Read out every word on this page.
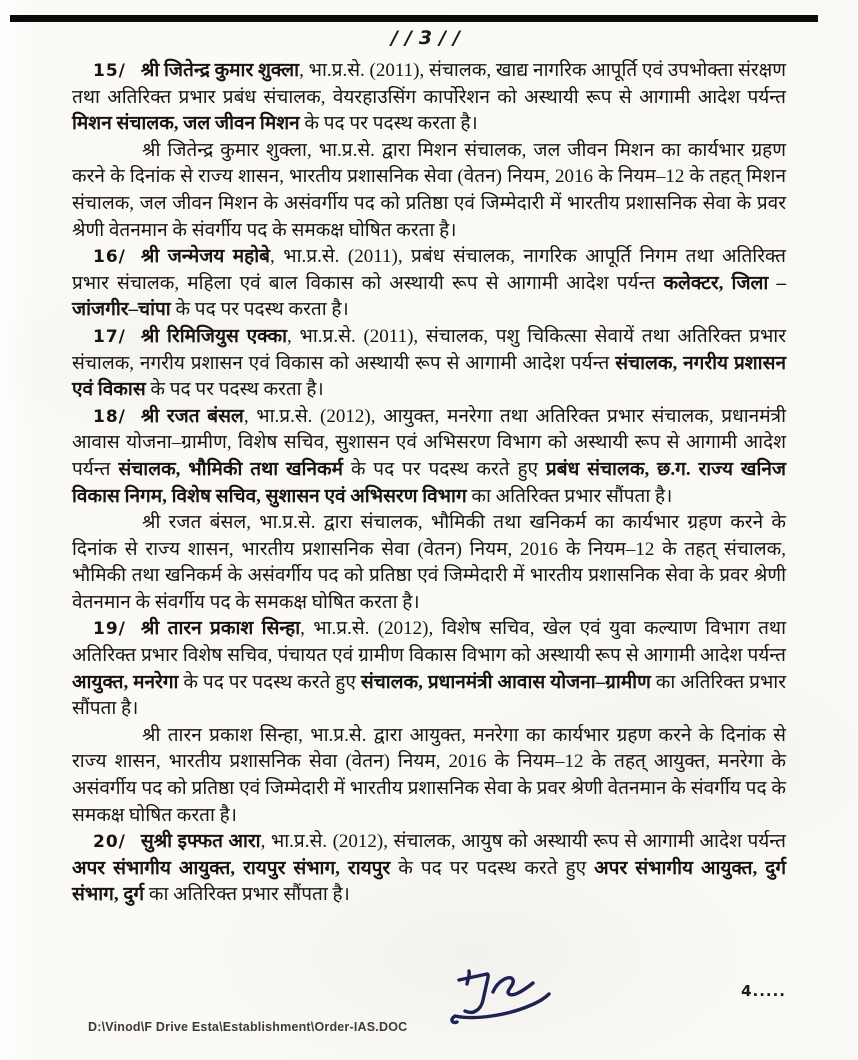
//3//

15/ श्री जितेन्द्र कुमार शुक्ला, भा.प्र.से. (2011), संचालक, खाद्य नागरिक आपूर्ति एवं उपभोक्ता संरक्षण तथा अतिरिक्त प्रभार प्रबंध संचालक, वेयरहाउसिंग कार्पोरेशन को अस्थायी रूप से आगामी आदेश पर्यन्त मिशन संचालक, जल जीवन मिशन के पद पर पदस्थ करता है।

श्री जितेन्द्र कुमार शुक्ला, भा.प्र.से. द्वारा मिशन संचालक, जल जीवन मिशन का कार्यभार ग्रहण करने के दिनांक से राज्य शासन, भारतीय प्रशासनिक सेवा (वेतन) नियम, 2016 के नियम–12 के तहत् मिशन संचालक, जल जीवन मिशन के असंवर्गीय पद को प्रतिष्ठा एवं जिम्मेदारी में भारतीय प्रशासनिक सेवा के प्रवर श्रेणी वेतनमान के संवर्गीय पद के समकक्ष घोषित करता है।

16/ श्री जन्मेजय महोबे, भा.प्र.से. (2011), प्रबंध संचालक, नागरिक आपूर्ति निगम तथा अतिरिक्त प्रभार संचालक, महिला एवं बाल विकास को अस्थायी रूप से आगामी आदेश पर्यन्त कलेक्टर, जिला – जांजगीर–चांपा के पद पर पदस्थ करता है।

17/ श्री रिमिजियुस एक्का, भा.प्र.से. (2011), संचालक, पशु चिकित्सा सेवायें तथा अतिरिक्त प्रभार संचालक, नगरीय प्रशासन एवं विकास को अस्थायी रूप से आगामी आदेश पर्यन्त संचालक, नगरीय प्रशासन एवं विकास के पद पर पदस्थ करता है।

18/ श्री रजत बंसल, भा.प्र.से. (2012), आयुक्त, मनरेगा तथा अतिरिक्त प्रभार संचालक, प्रधानमंत्री आवास योजना–ग्रामीण, विशेष सचिव, सुशासन एवं अभिसरण विभाग को अस्थायी रूप से आगामी आदेश पर्यन्त संचालक, भौमिकी तथा खनिकर्म के पद पर पदस्थ करते हुए प्रबंध संचालक, छ.ग. राज्य खनिज विकास निगम, विशेष सचिव, सुशासन एवं अभिसरण विभाग का अतिरिक्त प्रभार सौंपता है।

श्री रजत बंसल, भा.प्र.से. द्वारा संचालक, भौमिकी तथा खनिकर्म का कार्यभार ग्रहण करने के दिनांक से राज्य शासन, भारतीय प्रशासनिक सेवा (वेतन) नियम, 2016 के नियम–12 के तहत् संचालक, भौमिकी तथा खनिकर्म के असंवर्गीय पद को प्रतिष्ठा एवं जिम्मेदारी में भारतीय प्रशासनिक सेवा के प्रवर श्रेणी वेतनमान के संवर्गीय पद के समकक्ष घोषित करता है।

19/ श्री तारन प्रकाश सिन्हा, भा.प्र.से. (2012), विशेष सचिव, खेल एवं युवा कल्याण विभाग तथा अतिरिक्त प्रभार विशेष सचिव, पंचायत एवं ग्रामीण विकास विभाग को अस्थायी रूप से आगामी आदेश पर्यन्त आयुक्त, मनरेगा के पद पर पदस्थ करते हुए संचालक, प्रधानमंत्री आवास योजना–ग्रामीण का अतिरिक्त प्रभार सौंपता है।

श्री तारन प्रकाश सिन्हा, भा.प्र.से. द्वारा आयुक्त, मनरेगा का कार्यभार ग्रहण करने के दिनांक से राज्य शासन, भारतीय प्रशासनिक सेवा (वेतन) नियम, 2016 के नियम–12 के तहत् आयुक्त, मनरेगा के असंवर्गीय पद को प्रतिष्ठा एवं जिम्मेदारी में भारतीय प्रशासनिक सेवा के प्रवर श्रेणी वेतनमान के संवर्गीय पद के समकक्ष घोषित करता है।

20/ सुश्री इफ्फत आरा, भा.प्र.से. (2012), संचालक, आयुष को अस्थायी रूप से आगामी आदेश पर्यन्त अपर संभागीय आयुक्त, रायपुर संभाग, रायपुर के पद पर पदस्थ करते हुए अपर संभागीय आयुक्त, दुर्ग संभाग, दुर्ग का अतिरिक्त प्रभार सौंपता है।

4.....
D:\Vinod\F Drive Esta\Establishment\Order-IAS.DOC
